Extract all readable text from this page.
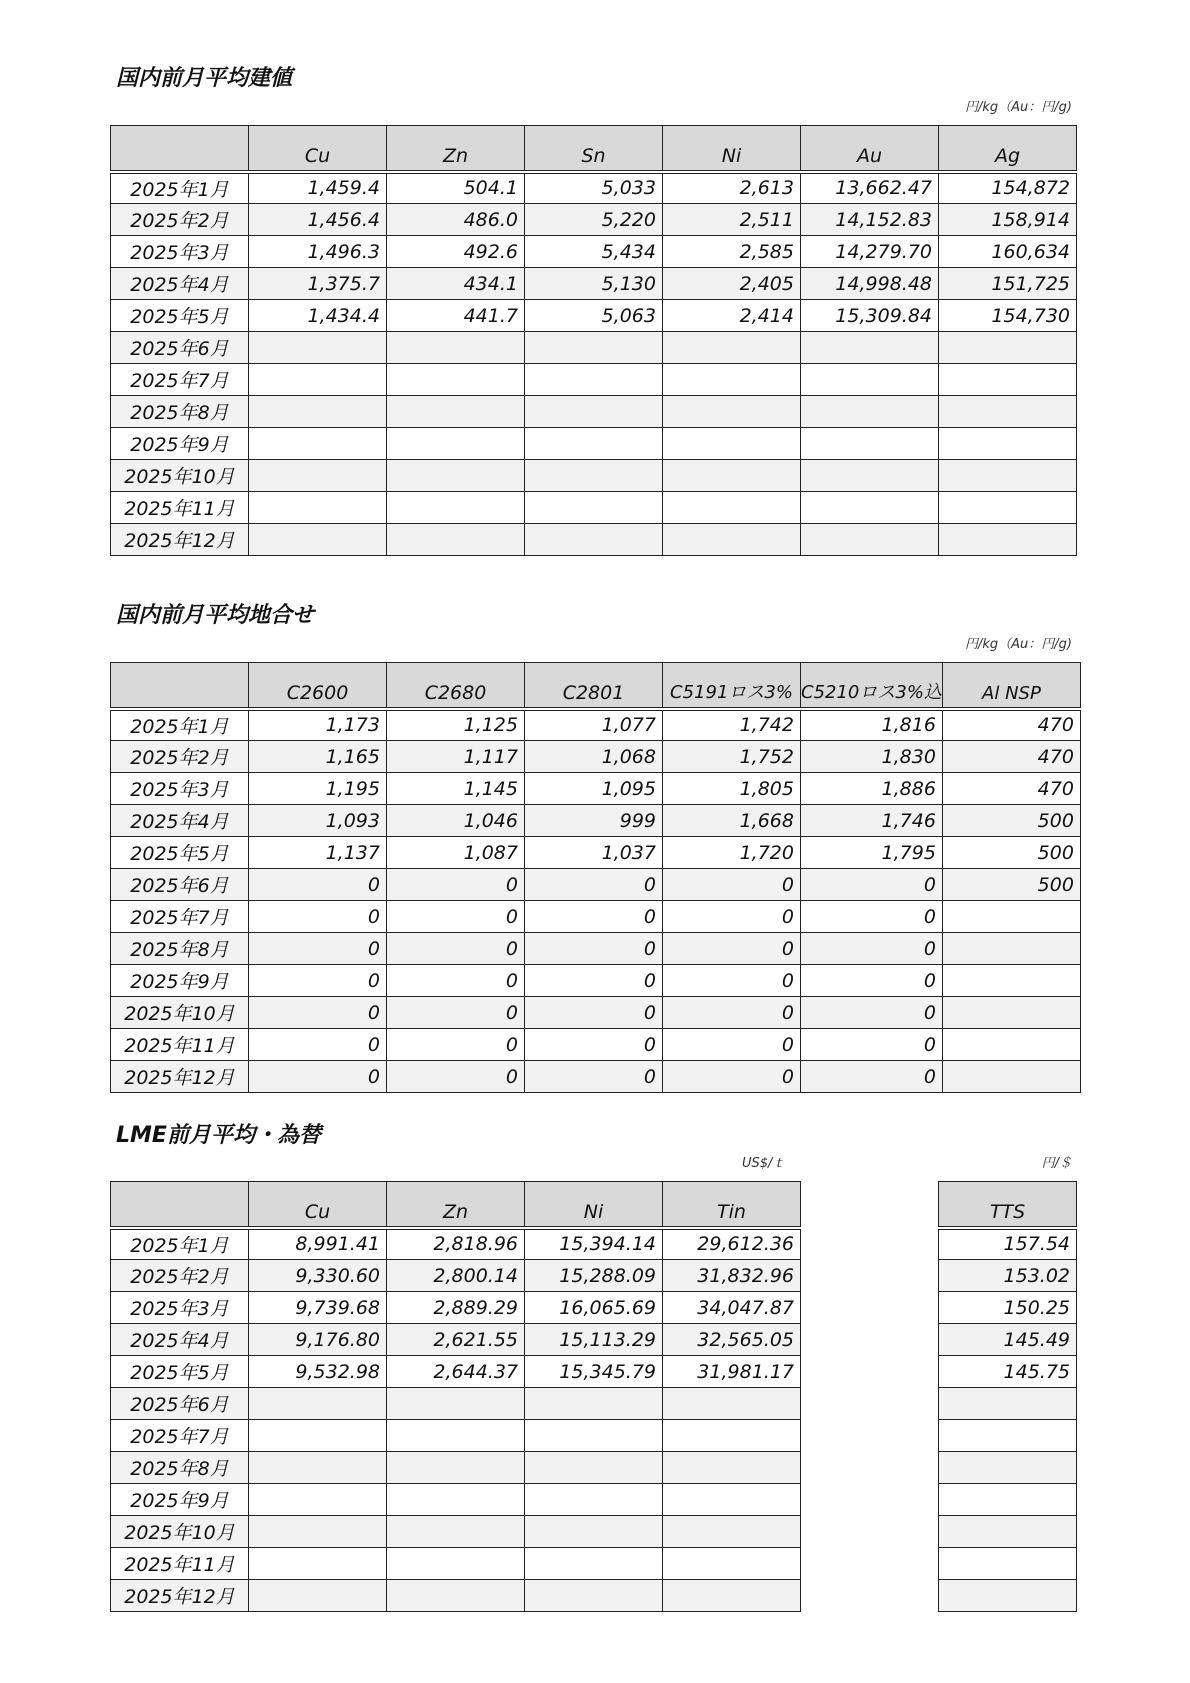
国内前月平均建値
円/kg（Au：円/g)
	Cu	Zn	Sn	Ni	Au	Ag
2025年1月	1,459.4	504.1	5,033	2,613	13,662.47	154,872
2025年2月	1,456.4	486.0	5,220	2,511	14,152.83	158,914
2025年3月	1,496.3	492.6	5,434	2,585	14,279.70	160,634
2025年4月	1,375.7	434.1	5,130	2,405	14,998.48	151,725
2025年5月	1,434.4	441.7	5,063	2,414	15,309.84	154,730
2025年6月						
2025年7月						
2025年8月						
2025年9月						
2025年10月						
2025年11月						
2025年12月						
国内前月平均地合せ
円/kg（Au：円/g)
	C2600	C2680	C2801	C5191ロス3%	C5210ロス3%込	Al NSP
2025年1月	1,173	1,125	1,077	1,742	1,816	470
2025年2月	1,165	1,117	1,068	1,752	1,830	470
2025年3月	1,195	1,145	1,095	1,805	1,886	470
2025年4月	1,093	1,046	999	1,668	1,746	500
2025年5月	1,137	1,087	1,037	1,720	1,795	500
2025年6月	0	0	0	0	0	500
2025年7月	0	0	0	0	0	
2025年8月	0	0	0	0	0	
2025年9月	0	0	0	0	0	
2025年10月	0	0	0	0	0	
2025年11月	0	0	0	0	0	
2025年12月	0	0	0	0	0	
LME前月平均・為替
US$/ｔ	円/＄
	Cu	Zn	Ni	Tin		TTS
2025年1月	8,991.41	2,818.96	15,394.14	29,612.36		157.54
2025年2月	9,330.60	2,800.14	15,288.09	31,832.96		153.02
2025年3月	9,739.68	2,889.29	16,065.69	34,047.87		150.25
2025年4月	9,176.80	2,621.55	15,113.29	32,565.05		145.49
2025年5月	9,532.98	2,644.37	15,345.79	31,981.17		145.75
2025年6月						
2025年7月						
2025年8月						
2025年9月						
2025年10月						
2025年11月						
2025年12月						
